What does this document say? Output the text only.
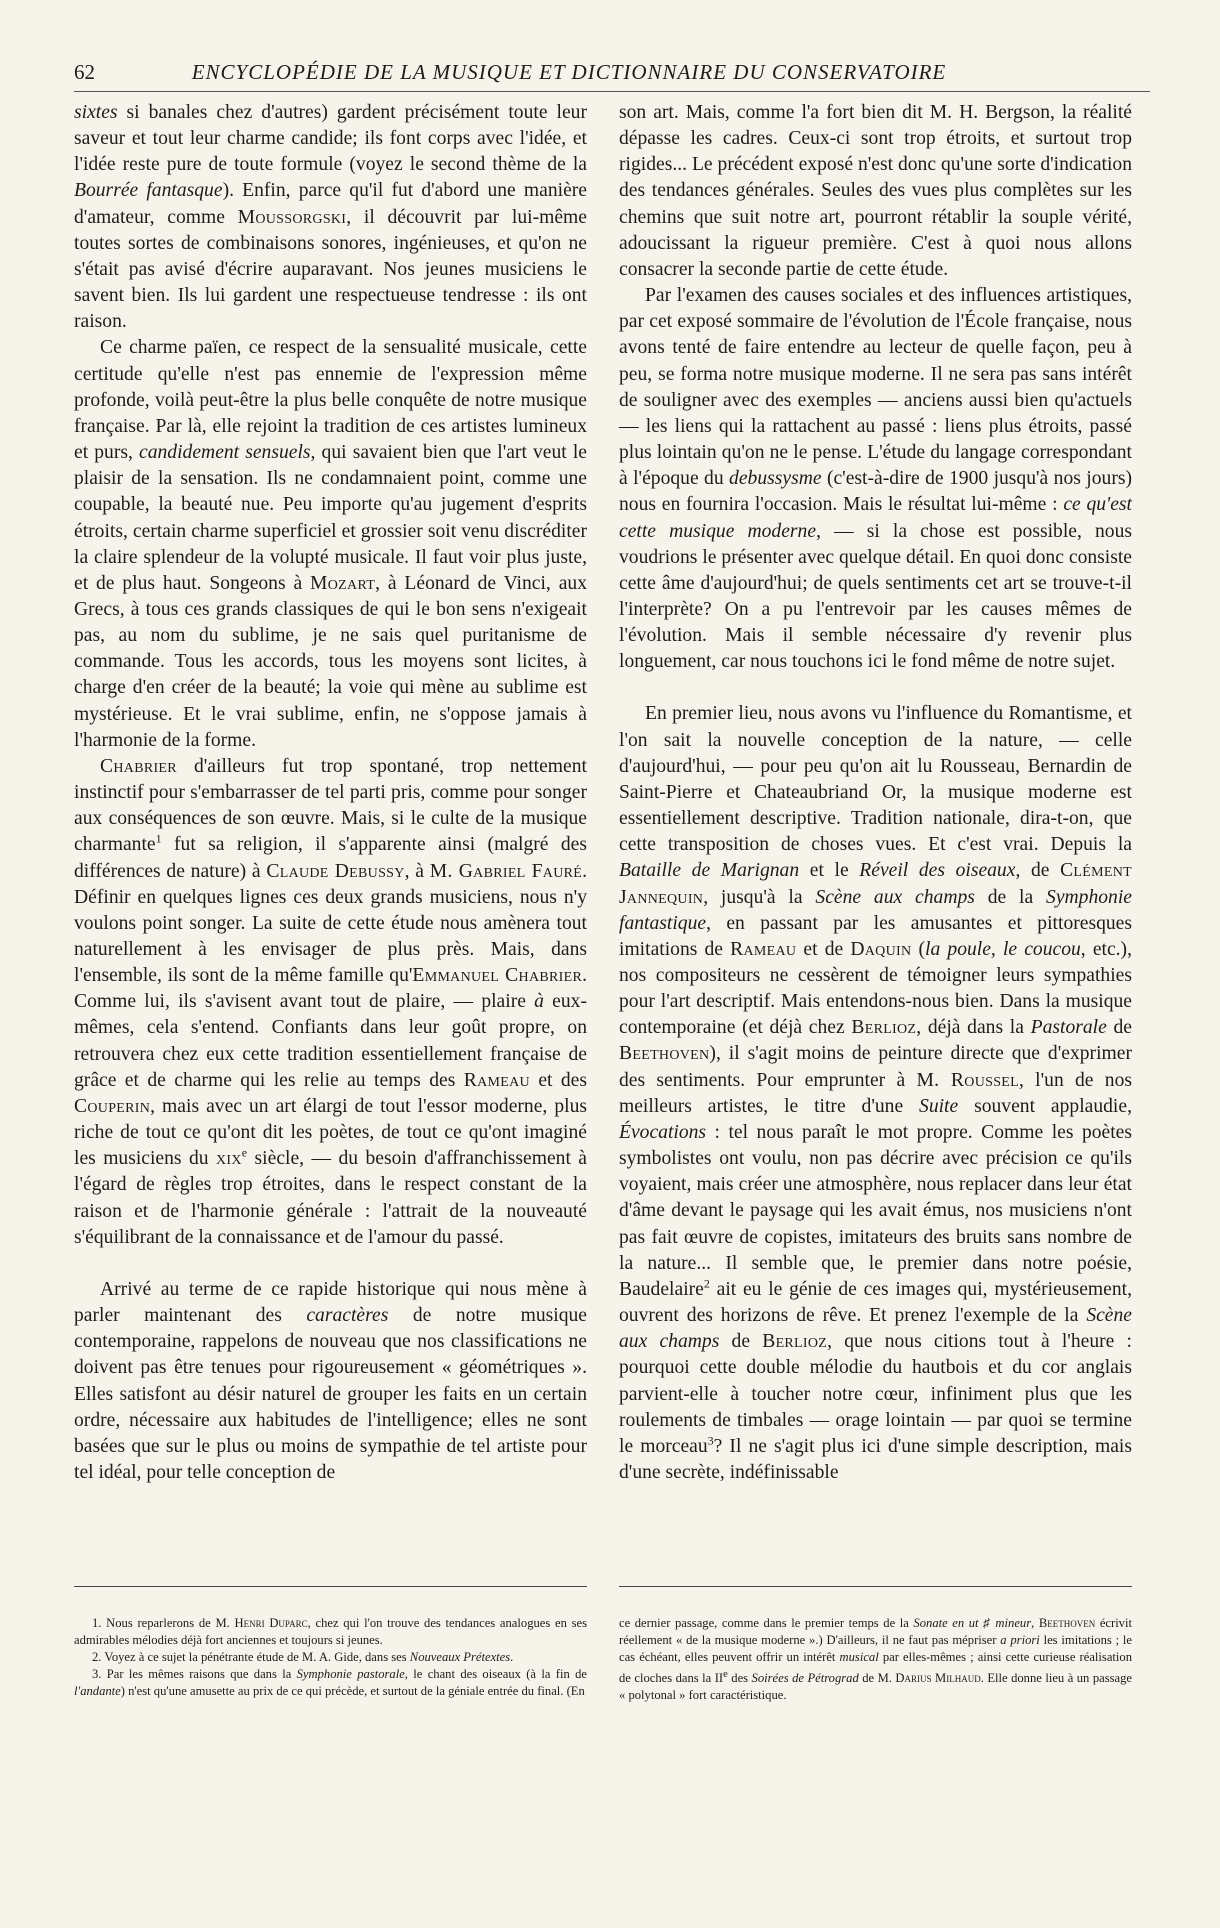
62	ENCYCLOPÉDIE DE LA MUSIQUE ET DICTIONNAIRE DU CONSERVATOIRE

sixtes si banales chez d'autres) gardent précisément toute leur saveur et tout leur charme candide; ils font corps avec l'idée, et l'idée reste pure de toute formule (voyez le second thème de la Bourrée fantasque). Enfin, parce qu'il fut d'abord une manière d'amateur, comme Moussorgski, il découvrit par lui-même toutes sortes de combinaisons sonores, ingénieuses, et qu'on ne s'était pas avisé d'écrire auparavant. Nos jeunes musiciens le savent bien. Ils lui gardent une respectueuse tendresse : ils ont raison.

Ce charme païen, ce respect de la sensualité musicale, cette certitude qu'elle n'est pas ennemie de l'expression même profonde, voilà peut-être la plus belle conquête de notre musique française. Par là, elle rejoint la tradition de ces artistes lumineux et purs, candidement sensuels, qui savaient bien que l'art veut le plaisir de la sensation. Ils ne condamnaient point, comme une coupable, la beauté nue. Peu importe qu'au jugement d'esprits étroits, certain charme superficiel et grossier soit venu discréditer la claire splendeur de la volupté musicale. Il faut voir plus juste, et de plus haut. Songeons à Mozart, à Léonard de Vinci, aux Grecs, à tous ces grands classiques de qui le bon sens n'exigeait pas, au nom du sublime, je ne sais quel puritanisme de commande. Tous les accords, tous les moyens sont licites, à charge d'en créer de la beauté; la voie qui mène au sublime est mystérieuse. Et le vrai sublime, enfin, ne s'oppose jamais à l'harmonie de la forme.

Chabrier d'ailleurs fut trop spontané, trop nettement instinctif pour s'embarrasser de tel parti pris, comme pour songer aux conséquences de son œuvre. Mais, si le culte de la musique charmante$^1$ fut sa religion, il s'apparente ainsi (malgré des différences de nature) à Claude Debussy, à M. Gabriel Fauré. Définir en quelques lignes ces deux grands musiciens, nous n'y voulons point songer. La suite de cette étude nous amènera tout naturellement à les envisager de plus près. Mais, dans l'ensemble, ils sont de la même famille qu'Emmanuel Chabrier. Comme lui, ils s'avisent avant tout de plaire, — plaire à eux-mêmes, cela s'entend. Confiants dans leur goût propre, on retrouvera chez eux cette tradition essentiellement française de grâce et de charme qui les relie au temps des Rameau et des Couperin, mais avec un art élargi de tout l'essor moderne, plus riche de tout ce qu'ont dit les poètes, de tout ce qu'ont imaginé les musiciens du xix$^e$ siècle, — du besoin d'affranchissement à l'égard de règles trop étroites, dans le respect constant de la raison et de l'harmonie générale : l'attrait de la nouveauté s'équilibrant de la connaissance et de l'amour du passé.

Arrivé au terme de ce rapide historique qui nous mène à parler maintenant des caractères de notre musique contemporaine, rappelons de nouveau que nos classifications ne doivent pas être tenues pour rigoureusement « géométriques ». Elles satisfont au désir naturel de grouper les faits en un certain ordre, nécessaire aux habitudes de l'intelligence; elles ne sont basées que sur le plus ou moins de sympathie de tel artiste pour tel idéal, pour telle conception de

son art. Mais, comme l'a fort bien dit M. H. Bergson, la réalité dépasse les cadres. Ceux-ci sont trop étroits, et surtout trop rigides... Le précédent exposé n'est donc qu'une sorte d'indication des tendances générales. Seules des vues plus complètes sur les chemins que suit notre art, pourront rétablir la souple vérité, adoucissant la rigueur première. C'est à quoi nous allons consacrer la seconde partie de cette étude.

Par l'examen des causes sociales et des influences artistiques, par cet exposé sommaire de l'évolution de l'École française, nous avons tenté de faire entendre au lecteur de quelle façon, peu à peu, se forma notre musique moderne. Il ne sera pas sans intérêt de souligner avec des exemples — anciens aussi bien qu'actuels — les liens qui la rattachent au passé : liens plus étroits, passé plus lointain qu'on ne le pense. L'étude du langage correspondant à l'époque du debussysme (c'est-à-dire de 1900 jusqu'à nos jours) nous en fournira l'occasion. Mais le résultat lui-même : ce qu'est cette musique moderne, — si la chose est possible, nous voudrions le présenter avec quelque détail. En quoi donc consiste cette âme d'aujourd'hui; de quels sentiments cet art se trouve-t-il l'interprète? On a pu l'entrevoir par les causes mêmes de l'évolution. Mais il semble nécessaire d'y revenir plus longuement, car nous touchons ici le fond même de notre sujet.

En premier lieu, nous avons vu l'influence du Romantisme, et l'on sait la nouvelle conception de la nature, — celle d'aujourd'hui, — pour peu qu'on ait lu Rousseau, Bernardin de Saint-Pierre et Chateaubriand Or, la musique moderne est essentiellement descriptive. Tradition nationale, dira-t-on, que cette transposition de choses vues. Et c'est vrai. Depuis la Bataille de Marignan et le Réveil des oiseaux, de Clément Jannequin, jusqu'à la Scène aux champs de la Symphonie fantastique, en passant par les amusantes et pittoresques imitations de Rameau et de Daquin (la poule, le coucou, etc.), nos compositeurs ne cessèrent de témoigner leurs sympathies pour l'art descriptif. Mais entendons-nous bien. Dans la musique contemporaine (et déjà chez Berlioz, déjà dans la Pastorale de Beethoven), il s'agit moins de peinture directe que d'exprimer des sentiments. Pour emprunter à M. Roussel, l'un de nos meilleurs artistes, le titre d'une Suite souvent applaudie, Évocations : tel nous paraît le mot propre. Comme les poètes symbolistes ont voulu, non pas décrire avec précision ce qu'ils voyaient, mais créer une atmosphère, nous replacer dans leur état d'âme devant le paysage qui les avait émus, nos musiciens n'ont pas fait œuvre de copistes, imitateurs des bruits sans nombre de la nature... Il semble que, le premier dans notre poésie, Baudelaire$^2$ ait eu le génie de ces images qui, mystérieusement, ouvrent des horizons de rêve. Et prenez l'exemple de la Scène aux champs de Berlioz, que nous citions tout à l'heure : pourquoi cette double mélodie du hautbois et du cor anglais parvient-elle à toucher notre cœur, infiniment plus que les roulements de timbales — orage lointain — par quoi se termine le morceau$^3$? Il ne s'agit plus ici d'une simple description, mais d'une secrète, indéfinissable

1. Nous reparlerons de M. Henri Duparc, chez qui l'on trouve des tendances analogues en ses admirables mélodies déjà fort anciennes et toujours si jeunes.

2. Voyez à ce sujet la pénétrante étude de M. A. Gide, dans ses Nouveaux Prétextes.

3. Par les mêmes raisons que dans la Symphonie pastorale, le chant des oiseaux (à la fin de l'andante) n'est qu'une amusette au prix de ce qui précède, et surtout de la géniale entrée du final. (En

ce dernier passage, comme dans le premier temps de la Sonate en ut ♯ mineur, Beethoven écrivit réellement « de la musique moderne ».) D'ailleurs, il ne faut pas mépriser a priori les imitations ; le cas échéant, elles peuvent offrir un intérêt musical par elles-mêmes ; ainsi cette curieuse réalisation de cloches dans la IIe des Soirées de Pétrograd de M. Darius Milhaud. Elle donne lieu à un passage « polytonal » fort caractéristique.
